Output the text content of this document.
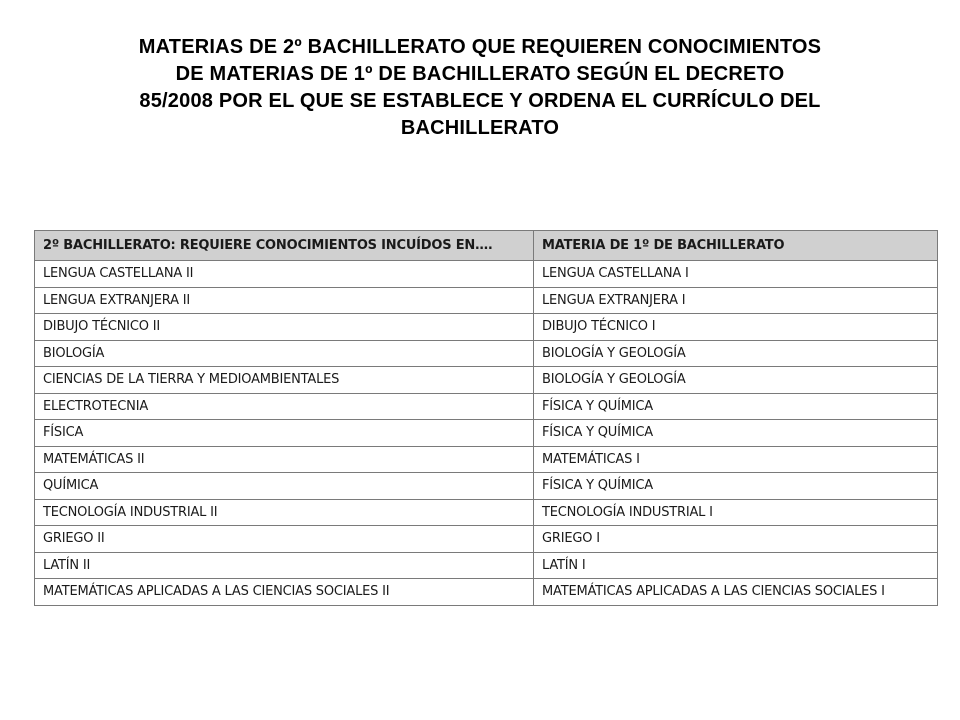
MATERIAS DE 2º BACHILLERATO QUE REQUIEREN CONOCIMIENTOS
DE MATERIAS DE 1º DE BACHILLERATO SEGÚN EL DECRETO
85/2008 POR EL QUE SE ESTABLECE Y ORDENA EL CURRÍCULO DEL
BACHILLERATO
2º BACHILLERATO: REQUIERE CONOCIMIENTOS INCUÍDOS EN….	MATERIA DE 1º DE BACHILLERATO
LENGUA CASTELLANA II	LENGUA CASTELLANA I
LENGUA EXTRANJERA II	LENGUA EXTRANJERA I
DIBUJO TÉCNICO II	DIBUJO TÉCNICO I
BIOLOGÍA	BIOLOGÍA Y GEOLOGÍA
CIENCIAS DE LA TIERRA Y MEDIOAMBIENTALES	BIOLOGÍA Y GEOLOGÍA
ELECTROTECNIA	FÍSICA Y QUÍMICA
FÍSICA	FÍSICA Y QUÍMICA
MATEMÁTICAS II	MATEMÁTICAS I
QUÍMICA	FÍSICA Y QUÍMICA
TECNOLOGÍA INDUSTRIAL II	TECNOLOGÍA INDUSTRIAL I
GRIEGO II	GRIEGO I
LATÍN II	LATÍN I
MATEMÁTICAS APLICADAS A LAS CIENCIAS SOCIALES II	MATEMÁTICAS APLICADAS A LAS CIENCIAS SOCIALES I
